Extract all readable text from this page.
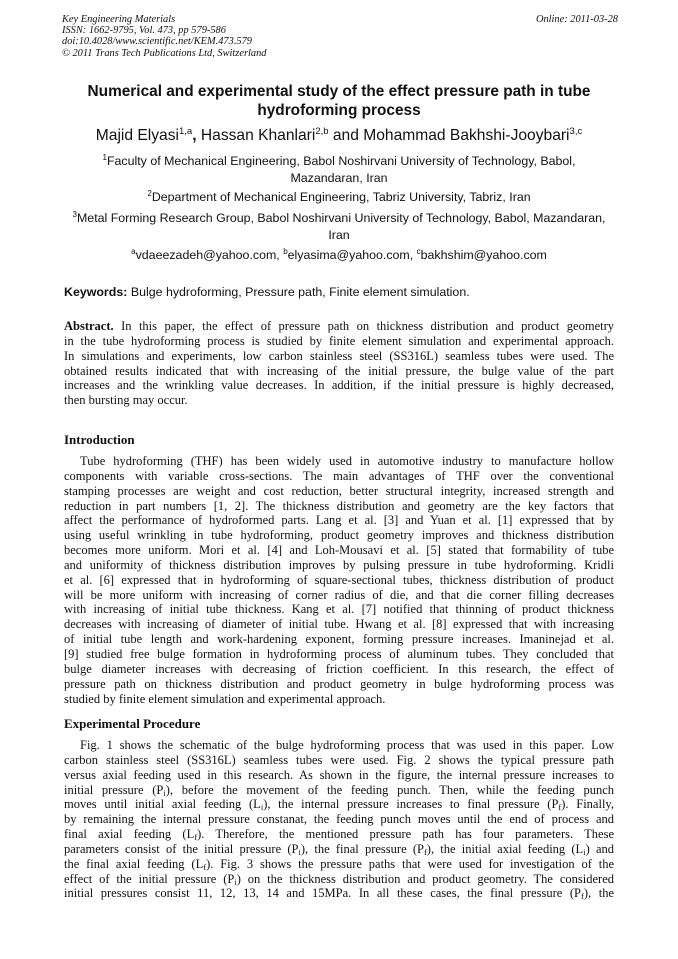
Key Engineering Materials
ISSN: 1662-9795, Vol. 473, pp 579-586
doi:10.4028/www.scientific.net/KEM.473.579
© 2011 Trans Tech Publications Ltd, Switzerland
Online: 2011-03-28
Numerical and experimental study of the effect pressure path in tube
hydroforming process
Majid Elyasi$^{1,a}$, Hassan Khanlari$^{2,b}$ and Mohammad Bakhshi-Jooybari$^{3,c}$
$^1$Faculty of Mechanical Engineering, Babol Noshirvani University of Technology, Babol,
Mazandaran, Iran
$^2$Department of Mechanical Engineering, Tabriz University, Tabriz, Iran
$^3$Metal Forming Research Group, Babol Noshirvani University of Technology, Babol, Mazandaran,
Iran
$^a$vdaeezadeh@yahoo.com, $^b$elyasima@yahoo.com, $^c$bakhshim@yahoo.com
Keywords: Bulge hydroforming, Pressure path, Finite element simulation.
Abstract. In this paper, the effect of pressure path on thickness distribution and product geometry
in the tube hydroforming process is studied by finite element simulation and experimental approach.
In simulations and experiments, low carbon stainless steel (SS316L) seamless tubes were used. The
obtained results indicated that with increasing of the initial pressure, the bulge value of the part
increases and the wrinkling value decreases. In addition, if the initial pressure is highly decreased,
then bursting may occur.
Introduction
Tube hydroforming (THF) has been widely used in automotive industry to manufacture hollow
components with variable cross-sections. The main advantages of THF over the conventional
stamping processes are weight and cost reduction, better structural integrity, increased strength and
reduction in part numbers [1, 2]. The thickness distribution and geometry are the key factors that
affect the performance of hydroformed parts. Lang et al. [3] and Yuan et al. [1] expressed that by
using useful wrinkling in tube hydroforming, product geometry improves and thickness distribution
becomes more uniform. Mori et al. [4] and Loh-Mousavi et al. [5] stated that formability of tube
and uniformity of thickness distribution improves by pulsing pressure in tube hydroforming. Kridli
et al. [6] expressed that in hydroforming of square-sectional tubes, thickness distribution of product
will be more uniform with increasing of corner radius of die, and that die corner filling decreases
with increasing of initial tube thickness. Kang et al. [7] notified that thinning of product thickness
decreases with increasing of diameter of initial tube. Hwang et al. [8] expressed that with increasing
of initial tube length and work-hardening exponent, forming pressure increases. Imaninejad et al.
[9] studied free bulge formation in hydroforming process of aluminum tubes. They concluded that
bulge diameter increases with decreasing of friction coefficient. In this research, the effect of
pressure path on thickness distribution and product geometry in bulge hydroforming process was
studied by finite element simulation and experimental approach.
Experimental Procedure
Fig. 1 shows the schematic of the bulge hydroforming process that was used in this paper. Low
carbon stainless steel (SS316L) seamless tubes were used. Fig. 2 shows the typical pressure path
versus axial feeding used in this research. As shown in the figure, the internal pressure increases to
initial pressure $(P_i)$, before the movement of the feeding punch. Then, while the feeding punch
moves until initial axial feeding $(L_i)$, the internal pressure increases to final pressure $(P_f)$. Finally,
by remaining the internal pressure constanat, the feeding punch moves until the end of process and
final axial feeding $(L_f)$. Therefore, the mentioned pressure path has four parameters. These
parameters consist of the initial pressure $(P_i)$, the final pressure $(P_f)$, the initial axial feeding $(L_i)$ and
the final axial feeding $(L_f)$. Fig. 3 shows the pressure paths that were used for investigation of the
effect of the initial pressure $(P_i)$ on the thickness distribution and product geometry. The considered
initial pressures consist 11, 12, 13, 14 and 15MPa. In all these cases, the final pressure $(P_f)$, the
